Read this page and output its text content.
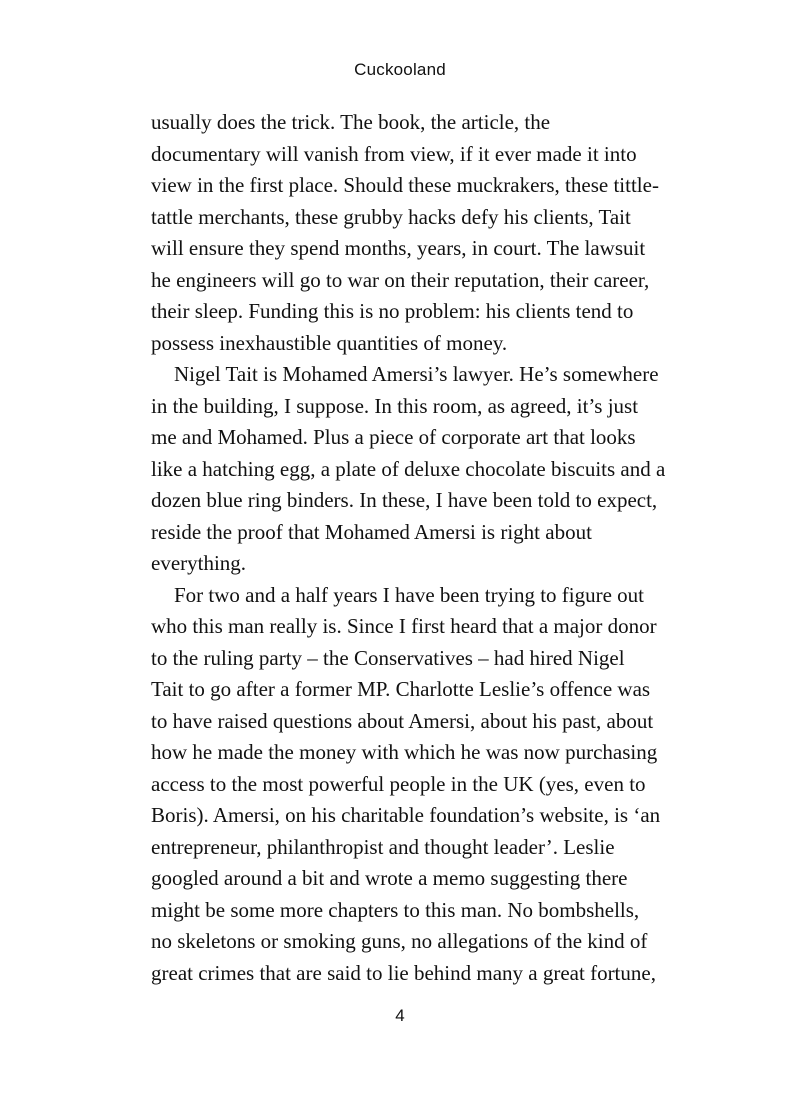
Cuckooland

usually does the trick. The book, the article, the
documentary will vanish from view, if it ever made it into
view in the first place. Should these muckrakers, these tittle-
tattle merchants, these grubby hacks defy his clients, Tait
will ensure they spend months, years, in court. The lawsuit
he engineers will go to war on their reputation, their career,
their sleep. Funding this is no problem: his clients tend to
possess inexhaustible quantities of money.

Nigel Tait is Mohamed Amersi’s lawyer. He’s somewhere
in the building, I suppose. In this room, as agreed, it’s just
me and Mohamed. Plus a piece of corporate art that looks
like a hatching egg, a plate of deluxe chocolate biscuits and a
dozen blue ring binders. In these, I have been told to expect,
reside the proof that Mohamed Amersi is right about
everything.

For two and a half years I have been trying to figure out
who this man really is. Since I first heard that a major donor
to the ruling party – the Conservatives – had hired Nigel
Tait to go after a former MP. Charlotte Leslie’s offence was
to have raised questions about Amersi, about his past, about
how he made the money with which he was now purchasing
access to the most powerful people in the UK (yes, even to
Boris). Amersi, on his charitable foundation’s website, is ‘an
entrepreneur, philanthropist and thought leader’. Leslie
googled around a bit and wrote a memo suggesting there
might be some more chapters to this man. No bombshells,
no skeletons or smoking guns, no allegations of the kind of
great crimes that are said to lie behind many a great fortune,

4
